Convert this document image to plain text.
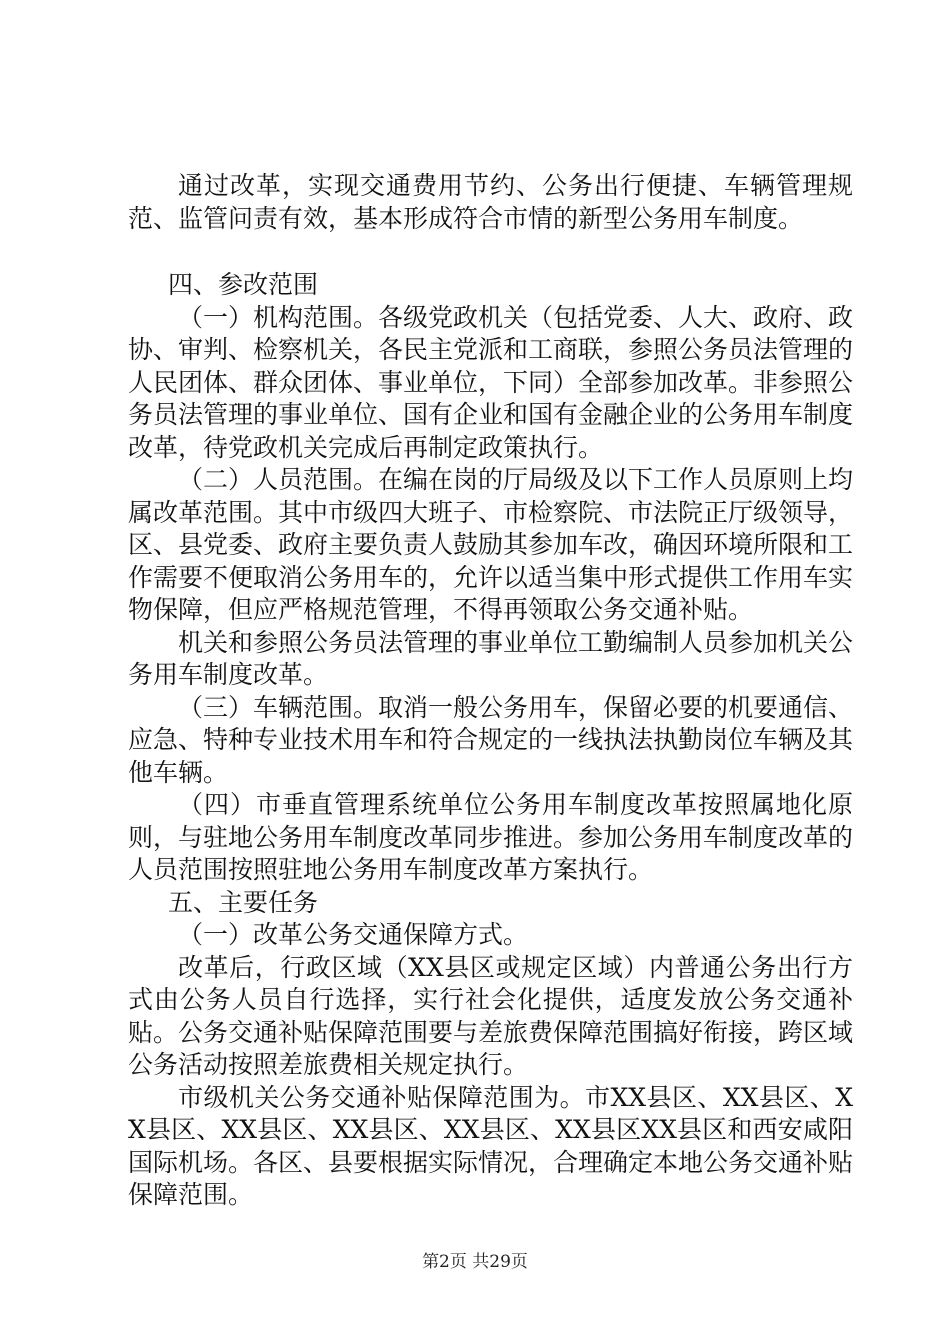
通过改革，实现交通费用节约、公务出行便捷、车辆管理规范、监管问责有效，基本形成符合市情的新型公务用车制度。

四、参改范围

（一）机构范围。各级党政机关（包括党委、人大、政府、政协、审判、检察机关，各民主党派和工商联，参照公务员法管理的人民团体、群众团体、事业单位，下同）全部参加改革。非参照公务员法管理的事业单位、国有企业和国有金融企业的公务用车制度改革，待党政机关完成后再制定政策执行。

（二）人员范围。在编在岗的厅局级及以下工作人员原则上均属改革范围。其中市级四大班子、市检察院、市法院正厅级领导，区、县党委、政府主要负责人鼓励其参加车改，确因环境所限和工作需要不便取消公务用车的，允许以适当集中形式提供工作用车实物保障，但应严格规范管理，不得再领取公务交通补贴。

机关和参照公务员法管理的事业单位工勤编制人员参加机关公务用车制度改革。

（三）车辆范围。取消一般公务用车，保留必要的机要通信、应急、特种专业技术用车和符合规定的一线执法执勤岗位车辆及其他车辆。

（四）市垂直管理系统单位公务用车制度改革按照属地化原则，与驻地公务用车制度改革同步推进。参加公务用车制度改革的人员范围按照驻地公务用车制度改革方案执行。

五、主要任务

（一）改革公务交通保障方式。

改革后，行政区域（XX县区或规定区域）内普通公务出行方式由公务人员自行选择，实行社会化提供，适度发放公务交通补贴。公务交通补贴保障范围要与差旅费保障范围搞好衔接，跨区域公务活动按照差旅费相关规定执行。

市级机关公务交通补贴保障范围为。市XX县区、XX县区、XX县区、XX县区、XX县区、XX县区、XX县区XX县区和西安咸阳国际机场。各区、县要根据实际情况，合理确定本地公务交通补贴保障范围。

第2页 共29页
